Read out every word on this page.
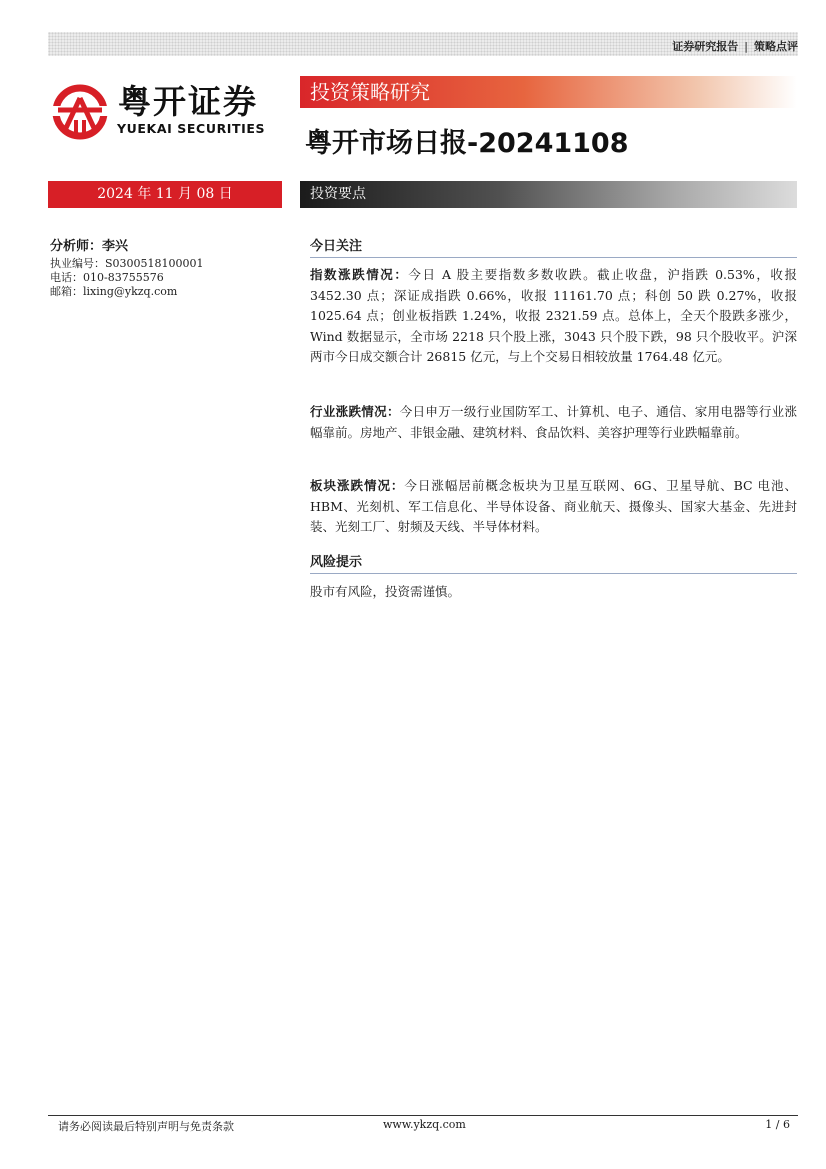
证券研究报告 | 策略点评
粤开证券
YUEKAI SECURITIES
投资策略研究
粤开市场日报-20241108
2024 年 11 月 08 日	投资要点
分析师：李兴
执业编号：S0300518100001
电话：010-83755576
邮箱：lixing@ykzq.com
今日关注
指数涨跌情况：今日 A 股主要指数多数收跌。截止收盘，沪指跌 0.53%，收报 3452.30 点；深证成指跌 0.66%，收报 11161.70 点；科创 50 跌 0.27%，收报 1025.64 点；创业板指跌 1.24%，收报 2321.59 点。总体上，全天个股跌多涨少，Wind 数据显示，全市场 2218 只个股上涨，3043 只个股下跌，98 只个股收平。沪深两市今日成交额合计 26815 亿元，与上个交易日相较放量 1764.48 亿元。
行业涨跌情况：今日申万一级行业国防军工、计算机、电子、通信、家用电器等行业涨幅靠前。房地产、非银金融、建筑材料、食品饮料、美容护理等行业跌幅靠前。
板块涨跌情况：今日涨幅居前概念板块为卫星互联网、6G、卫星导航、BC 电池、HBM、光刻机、军工信息化、半导体设备、商业航天、摄像头、国家大基金、先进封装、光刻工厂、射频及天线、半导体材料。
风险提示
股市有风险，投资需谨慎。
请务必阅读最后特别声明与免责条款	www.ykzq.com	1 / 6
